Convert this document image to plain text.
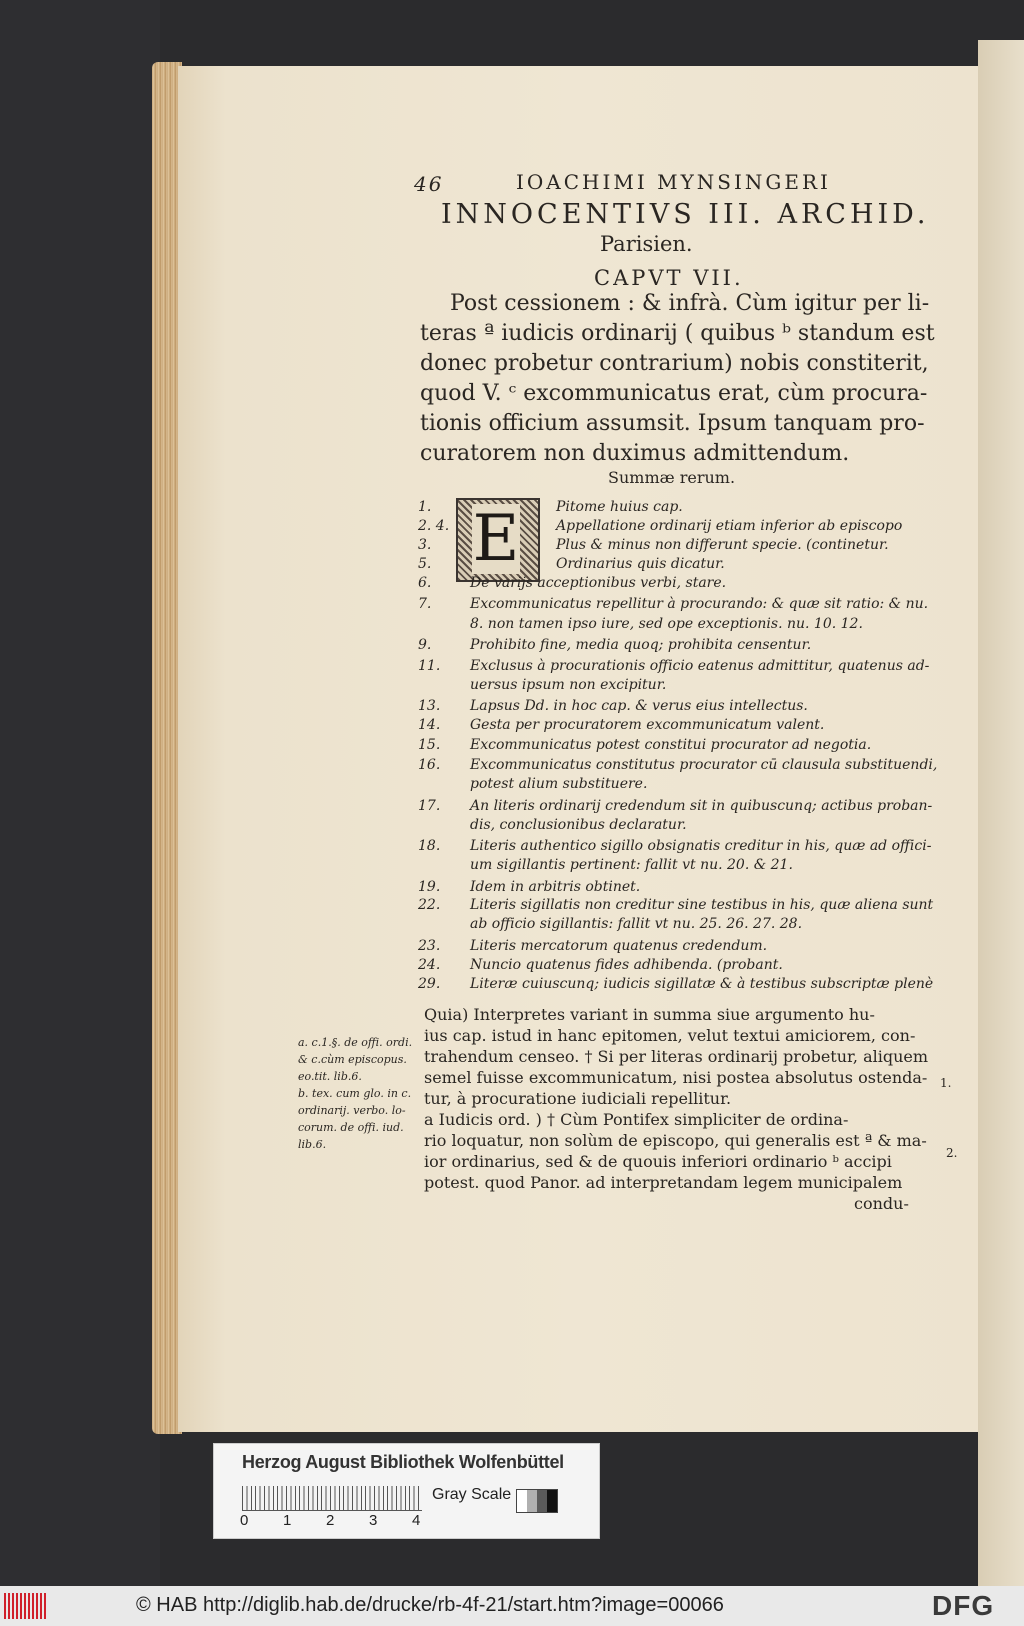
46	IOACHIMI MYNSINGERI
INNOCENTIVS III. ARCHID.
Parisien.
CAPVT VII.
Post cessionem : & infrà. Cùm igitur per li-
teras ª iudicis ordinarij ( quibus ᵇ standum est
donec probetur contrarium) nobis constiterit,
quod V. ᶜ excommunicatus erat, cùm procura-
tionis officium assumsit. Ipsum tanquam pro-
curatorem non duximus admittendum.
Summæ rerum.
E
1.	Pitome huius cap.
2. 4.	Appellatione ordinarij etiam inferior ab episcopo
3.	Plus & minus non differunt specie. (continetur.
5.	Ordinarius quis dicatur.
6.	De varijs acceptionibus verbi, stare.
7.	Excommunicatus repellitur à procurando: & quæ sit ratio: & nu.
8. non tamen ipso iure, sed ope exceptionis. nu. 10. 12.
9.	Prohibito fine, media quoq; prohibita censentur.
11.	Exclusus à procurationis officio eatenus admittitur, quatenus ad-
uersus ipsum non excipitur.
13.	Lapsus Dd. in hoc cap. & verus eius intellectus.
14.	Gesta per procuratorem excommunicatum valent.
15.	Excommunicatus potest constitui procurator ad negotia.
16.	Excommunicatus constitutus procurator cū clausula substituendi,
potest alium substituere.
17.	An literis ordinarij credendum sit in quibuscunq; actibus proban-
dis, conclusionibus declaratur.
18.	Literis authentico sigillo obsignatis creditur in his, quæ ad offici-
um sigillantis pertinent: fallit vt nu. 20. & 21.
19.	Idem in arbitris obtinet.
22.	Literis sigillatis non creditur sine testibus in his, quæ aliena sunt
ab officio sigillantis: fallit vt nu. 25. 26. 27. 28.
23.	Literis mercatorum quatenus credendum.
24.	Nuncio quatenus fides adhibenda. (probant.
29.	Literæ cuiuscunq; iudicis sigillatæ & à testibus subscriptæ plenè
a. c.1.§. de offi. ordi.
& c.cùm episcopus.
eo.tit. lib.6.
b. tex. cum glo. in c.
ordinarij. verbo. lo-
corum. de offi. iud.
lib.6.
Quia) Interpretes variant in summa siue argumento hu-
ius cap. istud in hanc epitomen, velut textui amiciorem, con-
trahendum censeo. † Si per literas ordinarij probetur, aliquem
semel fuisse excommunicatum, nisi postea absolutus ostenda-
tur, à procuratione iudiciali repellitur.
a Iudicis ord. ) † Cùm Pontifex simpliciter de ordina-
rio loquatur, non solùm de episcopo, qui generalis est ª & ma-
ior ordinarius, sed & de quouis inferiori ordinario ᵇ accipi
potest. quod Panor. ad interpretandam legem municipalem
condu-
1.
2.
Herzog August Bibliothek Wolfenbüttel
0 1 2 3 4
Gray Scale
© HAB http://diglib.hab.de/drucke/rb-4f-21/start.htm?image=00066	DFG
